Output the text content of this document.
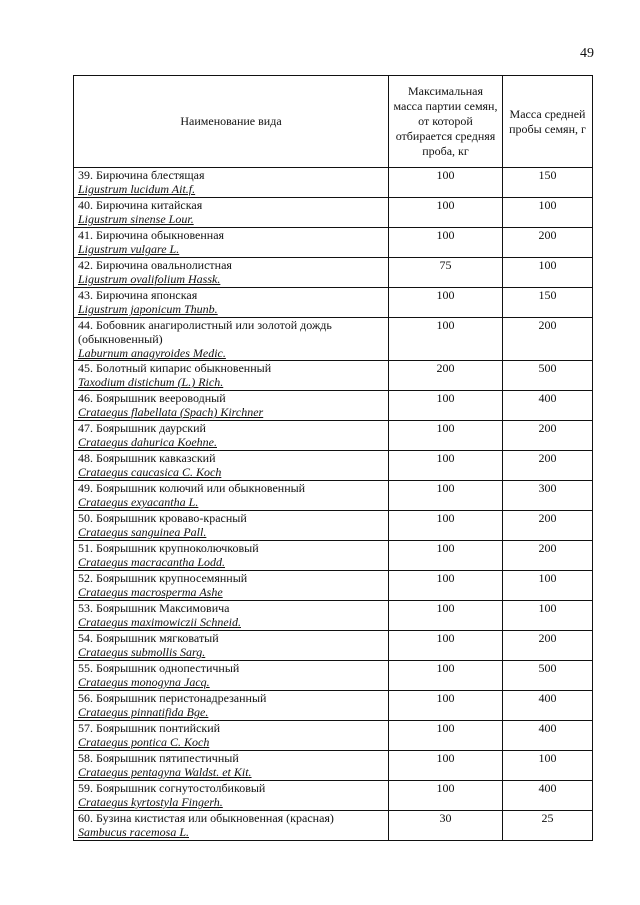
49
Наименование вида	Максимальная масса партии семян, от которой отбирается средняя проба, кг	Масса средней пробы семян, г

39. Бирючина блестящая
Ligustrum lucidum Ait.f.	100	150

40. Бирючина китайская
Ligustrum sinense Lour.	100	100

41. Бирючина обыкновенная
Ligustrum vulgare L.	100	200

42. Бирючина овальнолистная
Ligustrum ovalifolium Hassk.	75	100

43. Бирючина японская
Ligustrum japonicum Thunb.	100	150

44. Бобовник анагиролистный или золотой дождь (обыкновенный)
Laburnum anagyroides Medic.	100	200

45. Болотный кипарис обыкновенный
Taxodium distichum (L.) Rich.	200	500

46. Боярышник веероводный
Crataegus flabellata (Spach) Kirchner	100	400

47. Боярышник даурский
Crataegus dahurica Koehne.	100	200

48. Боярышник кавказский
Crataegus caucasica C. Koch	100	200

49. Боярышник колючий или обыкновенный
Crataegus exyacantha L.	100	300

50. Боярышник кроваво-красный
Crataegus sanguinea Pall.	100	200

51. Боярышник крупноколючковый
Crataegus macracantha Lodd.	100	200

52. Боярышник крупносемянный
Crataegus macrosperma Ashe	100	100

53. Боярышник Максимовича
Crataegus maximowiczii Schneid.	100	100

54. Боярышник мягковатый
Crataegus submollis Sarg.	100	200

55. Боярышник однопестичный
Crataegus monogyna Jacq.	100	500

56. Боярышник перистонадрезанный
Crataegus pinnatifida Bge.	100	400

57. Боярышник понтийский
Crataegus pontica C. Koch	100	400

58. Боярышник пятипестичный
Crataegus pentagyna Waldst. et Kit.	100	100

59. Боярышник согнутостолбиковый
Crataegus kyrtostyla Fingerh.	100	400

60. Бузина кистистая или обыкновенная (красная)
Sambucus racemosa L.	30	25
